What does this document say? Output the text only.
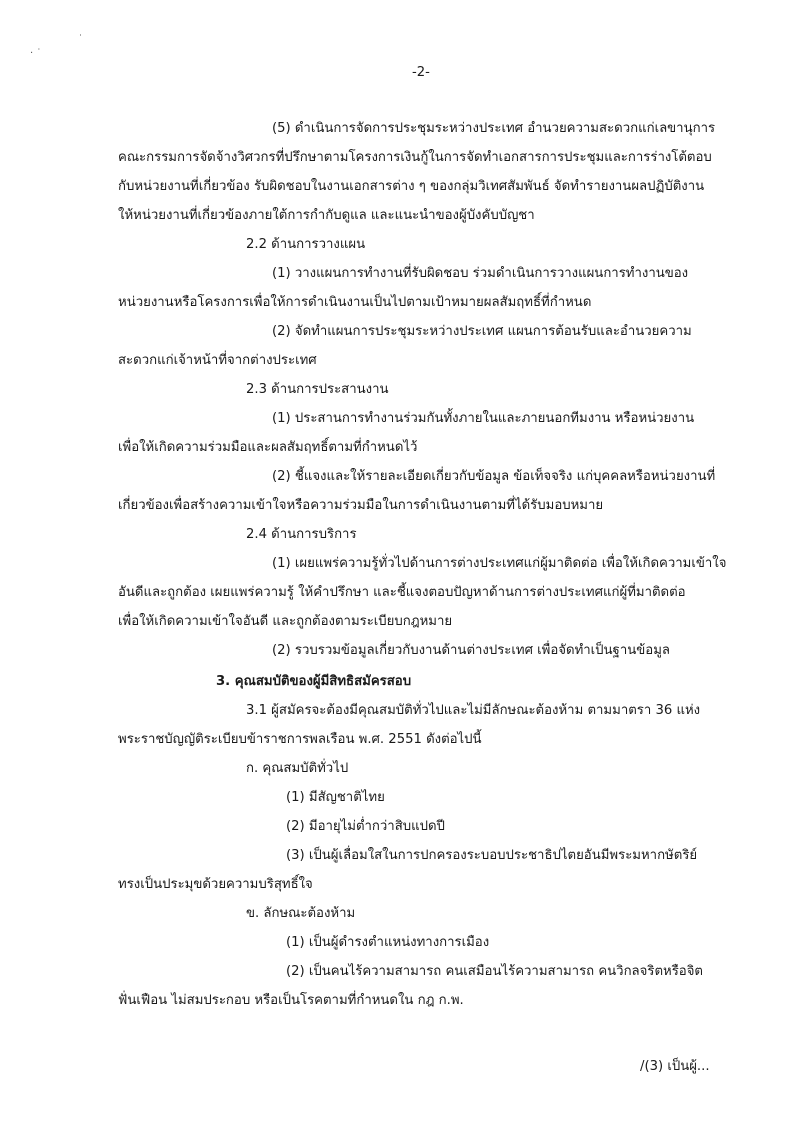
· ˙
˙
-2-
(5) ดำเนินการจัดการประชุมระหว่างประเทศ อำนวยความสะดวกแก่เลขานุการ
คณะกรรมการจัดจ้างวิศวกรที่ปรึกษาตามโครงการเงินกู้ในการจัดทำเอกสารการประชุมและการร่างโต้ตอบ
กับหน่วยงานที่เกี่ยวข้อง รับผิดชอบในงานเอกสารต่าง ๆ ของกลุ่มวิเทศสัมพันธ์ จัดทำรายงานผลปฏิบัติงาน
ให้หน่วยงานที่เกี่ยวข้องภายใต้การกำกับดูแล และแนะนำของผู้บังคับบัญชา
2.2 ด้านการวางแผน
(1) วางแผนการทำงานที่รับผิดชอบ ร่วมดำเนินการวางแผนการทำงานของ
หน่วยงานหรือโครงการเพื่อให้การดำเนินงานเป็นไปตามเป้าหมายผลสัมฤทธิ์ที่กำหนด
(2) จัดทำแผนการประชุมระหว่างประเทศ แผนการต้อนรับและอำนวยความ
สะดวกแก่เจ้าหน้าที่จากต่างประเทศ
2.3 ด้านการประสานงาน
(1) ประสานการทำงานร่วมกันทั้งภายในและภายนอกทีมงาน หรือหน่วยงาน
เพื่อให้เกิดความร่วมมือและผลสัมฤทธิ์ตามที่กำหนดไว้
(2) ชี้แจงและให้รายละเอียดเกี่ยวกับข้อมูล ข้อเท็จจริง แก่บุคคลหรือหน่วยงานที่
เกี่ยวข้องเพื่อสร้างความเข้าใจหรือความร่วมมือในการดำเนินงานตามที่ได้รับมอบหมาย
2.4 ด้านการบริการ
(1) เผยแพร่ความรู้ทั่วไปด้านการต่างประเทศแก่ผู้มาติดต่อ เพื่อให้เกิดความเข้าใจ
อันดีและถูกต้อง เผยแพร่ความรู้ ให้คำปรึกษา และชี้แจงตอบปัญหาด้านการต่างประเทศแก่ผู้ที่มาติดต่อ
เพื่อให้เกิดความเข้าใจอันดี และถูกต้องตามระเบียบกฎหมาย
(2) รวบรวมข้อมูลเกี่ยวกับงานด้านต่างประเทศ เพื่อจัดทำเป็นฐานข้อมูล
3. คุณสมบัติของผู้มีสิทธิสมัครสอบ
3.1 ผู้สมัครจะต้องมีคุณสมบัติทั่วไปและไม่มีลักษณะต้องห้าม ตามมาตรา 36 แห่ง
พระราชบัญญัติระเบียบข้าราชการพลเรือน พ.ศ. 2551 ดังต่อไปนี้
ก. คุณสมบัติทั่วไป
(1) มีสัญชาติไทย
(2) มีอายุไม่ต่ำกว่าสิบแปดปี
(3) เป็นผู้เลื่อมใสในการปกครองระบอบประชาธิปไตยอันมีพระมหากษัตริย์
ทรงเป็นประมุขด้วยความบริสุทธิ์ใจ
ข. ลักษณะต้องห้าม
(1) เป็นผู้ดำรงตำแหน่งทางการเมือง
(2) เป็นคนไร้ความสามารถ คนเสมือนไร้ความสามารถ คนวิกลจริตหรือจิต
ฟั่นเฟือน ไม่สมประกอบ หรือเป็นโรคตามที่กำหนดใน กฎ ก.พ.
/(3) เป็นผู้...
